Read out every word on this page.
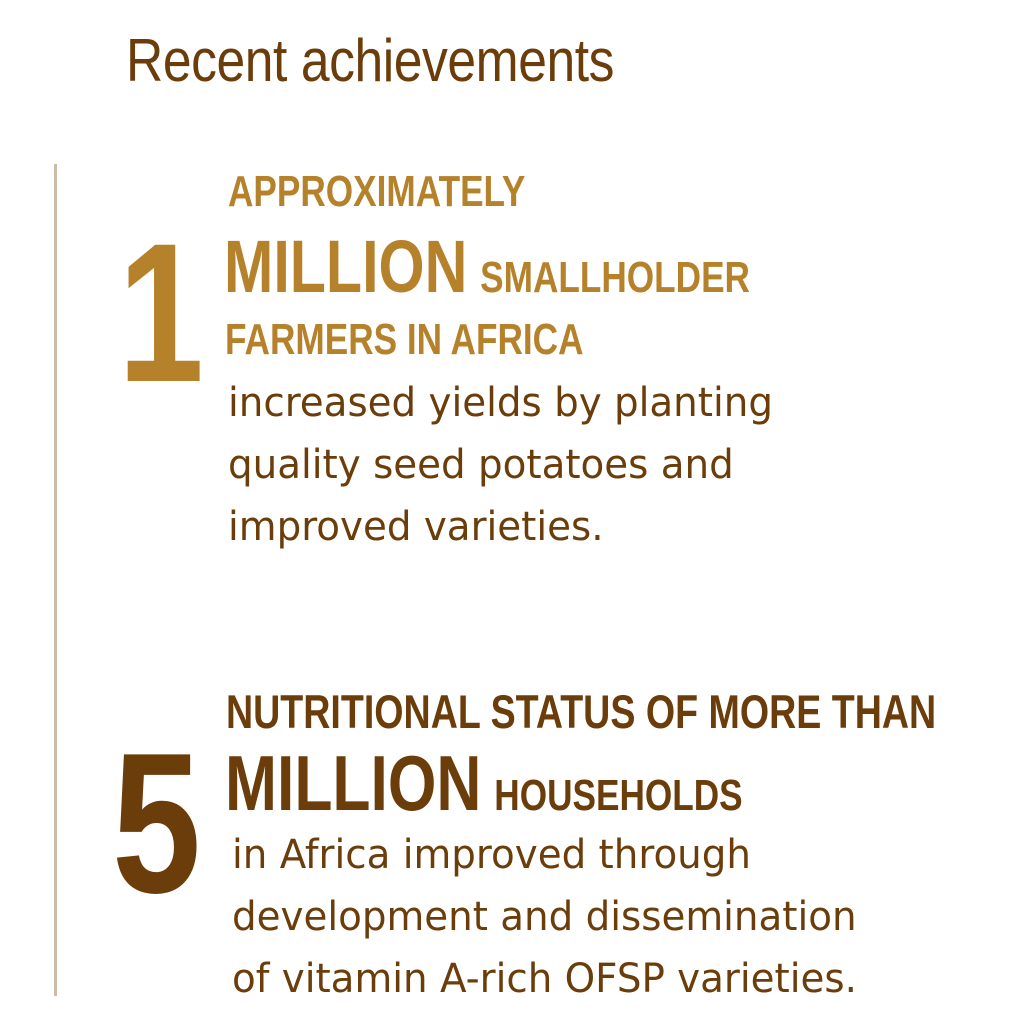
Recent achievements
1
APPROXIMATELY
MILLION SMALLHOLDER
FARMERS IN AFRICA
increased yields by planting
quality seed potatoes and
improved varieties.
5
NUTRITIONAL STATUS OF MORE THAN
MILLION HOUSEHOLDS
in Africa improved through
development and dissemination
of vitamin A-rich OFSP varieties.
